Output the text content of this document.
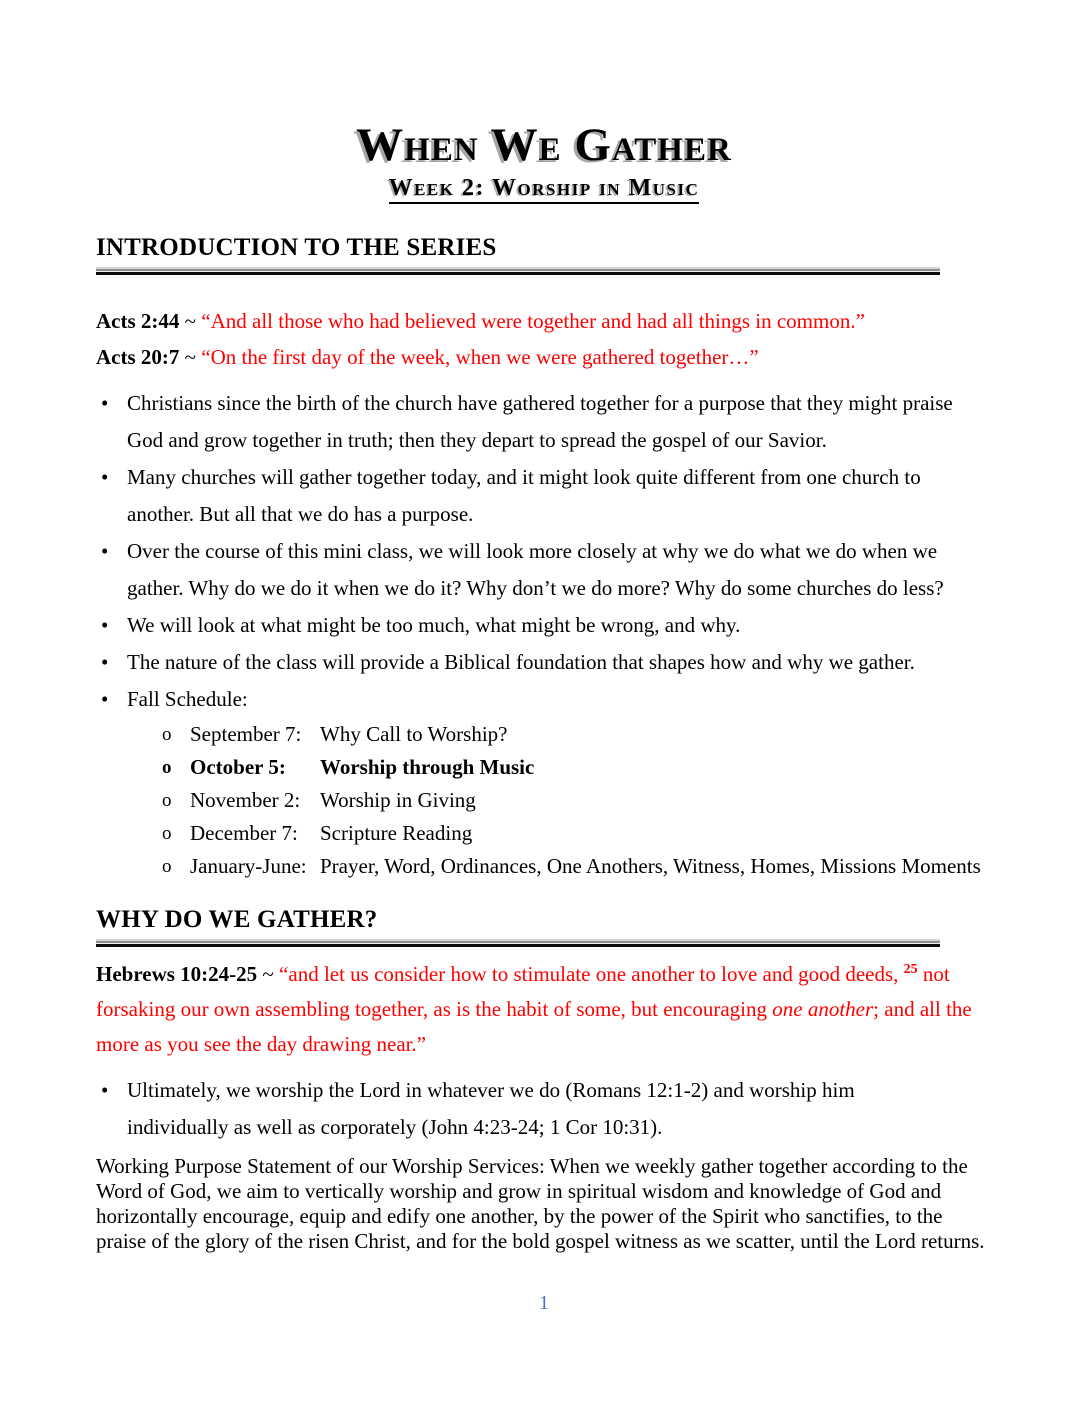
When We Gather
Week 2: Worship in Music
INTRODUCTION TO THE SERIES
Acts 2:44 ~ “And all those who had believed were together and had all things in common.”
Acts 20:7 ~ “On the first day of the week, when we were gathered together…”
• Christians since the birth of the church have gathered together for a purpose that they might praise God and grow together in truth; then they depart to spread the gospel of our Savior.
• Many churches will gather together today, and it might look quite different from one church to another. But all that we do has a purpose.
• Over the course of this mini class, we will look more closely at why we do what we do when we gather. Why do we do it when we do it? Why don’t we do more? Why do some churches do less?
• We will look at what might be too much, what might be wrong, and why.
• The nature of the class will provide a Biblical foundation that shapes how and why we gather.
• Fall Schedule:
o September 7: Why Call to Worship?
o October 5:	Worship through Music
o November 2: Worship in Giving
o December 7:	Scripture Reading
o January-June: Prayer, Word, Ordinances, One Anothers, Witness, Homes, Missions Moments
WHY DO WE GATHER?
Hebrews 10:24-25 ~ “and let us consider how to stimulate one another to love and good deeds, $^{25}$ not forsaking our own assembling together, as is the habit of some, but encouraging one another; and all the more as you see the day drawing near.”
• Ultimately, we worship the Lord in whatever we do (Romans 12:1-2) and worship him individually as well as corporately (John 4:23-24; 1 Cor 10:31).
Working Purpose Statement of our Worship Services: When we weekly gather together according to the Word of God, we aim to vertically worship and grow in spiritual wisdom and knowledge of God and horizontally encourage, equip and edify one another, by the power of the Spirit who sanctifies, to the praise of the glory of the risen Christ, and for the bold gospel witness as we scatter, until the Lord returns.
1
